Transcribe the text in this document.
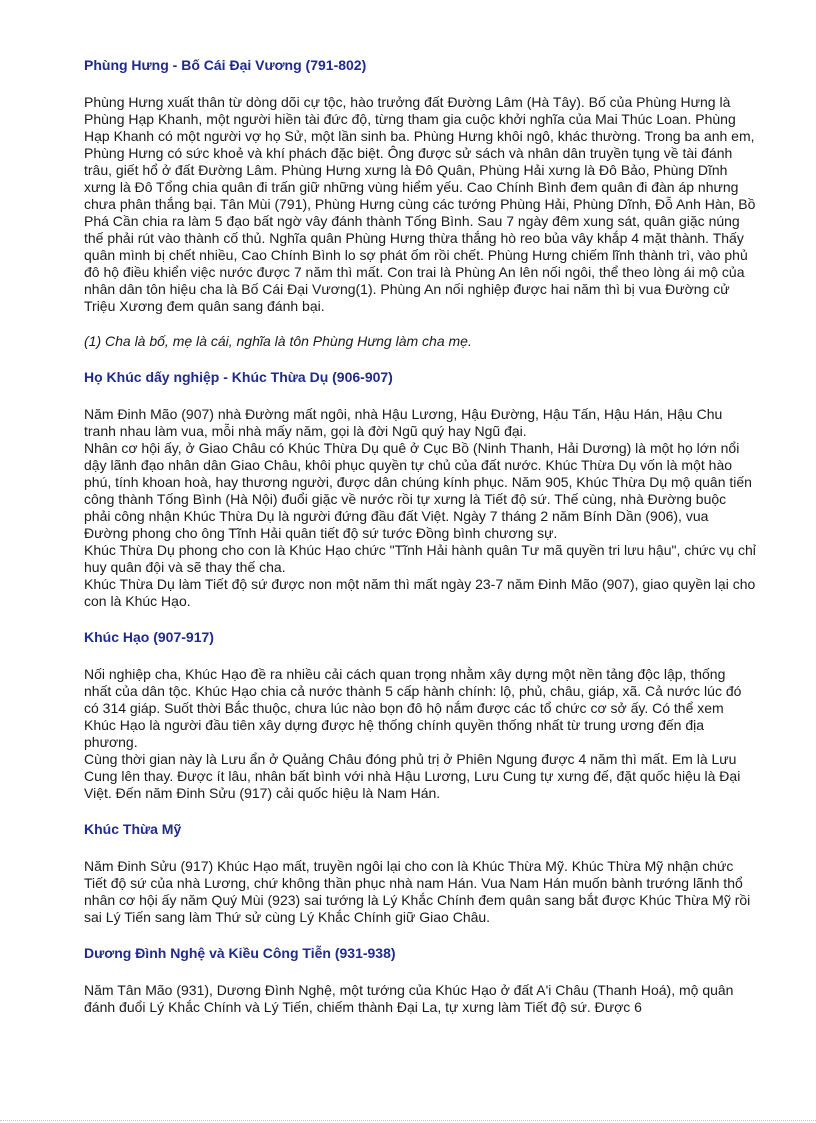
Phùng Hưng - Bố Cái Đại Vương (791-802)

Phùng Hưng xuất thân từ dòng dõi cự tộc, hào trưởng đất Đường Lâm (Hà Tây). Bố của Phùng Hưng là Phùng Hạp Khanh, một người hiền tài đức độ, từng tham gia cuộc khởi nghĩa của Mai Thúc Loan. Phùng Hạp Khanh có một người vợ họ Sử, một lần sinh ba. Phùng Hưng khôi ngô, khác thường. Trong ba anh em, Phùng Hưng có sức khoẻ và khí phách đặc biệt. Ông được sử sách và nhân dân truyền tụng về tài đánh trâu, giết hổ ở đất Đường Lâm. Phùng Hưng xưng là Đô Quân, Phùng Hải xưng là Đô Bảo, Phùng Dĩnh xưng là Đô Tổng chia quân đi trấn giữ những vùng hiểm yếu. Cao Chính Bình đem quân đi đàn áp nhưng chưa phân thắng bại. Tân Mùi (791), Phùng Hưng cùng các tướng Phùng Hải, Phùng Dĩnh, Đỗ Anh Hàn, Bồ Phá Cần chia ra làm 5 đạo bất ngờ vây đánh thành Tống Bình. Sau 7 ngày đêm xung sát, quân giặc núng thế phải rút vào thành cố thủ. Nghĩa quân Phùng Hưng thừa thắng hò reo bủa vây khắp 4 mặt thành. Thấy quân mình bị chết nhiều, Cao Chính Bình lo sợ phát ốm rồi chết. Phùng Hưng chiếm lĩnh thành trì, vào phủ đô hộ điều khiển việc nước được 7 năm thì mất. Con trai là Phùng An lên nối ngôi, thể theo lòng ái mộ của nhân dân tôn hiệu cha là Bố Cái Đại Vương(1). Phùng An nối nghiệp được hai năm thì bị vua Đường cử Triệu Xương đem quân sang đánh bại.

(1) Cha là bố, mẹ là cái, nghĩa là tôn Phùng Hưng làm cha mẹ.

Họ Khúc dấy nghiệp - Khúc Thừa Dụ (906-907)

Năm Đinh Mão (907) nhà Đường mất ngôi, nhà Hậu Lương, Hậu Đường, Hậu Tấn, Hậu Hán, Hậu Chu tranh nhau làm vua, mỗi nhà mấy năm, gọi là đời Ngũ quý hay Ngũ đại.

Nhân cơ hội ấy, ở Giao Châu có Khúc Thừa Dụ quê ở Cục Bồ (Ninh Thanh, Hải Dương) là một họ lớn nổi dậy lãnh đạo nhân dân Giao Châu, khôi phục quyền tự chủ của đất nước. Khúc Thừa Dụ vốn là một hào phú, tính khoan hoà, hay thương người, được dân chúng kính phục. Năm 905, Khúc Thừa Dụ mộ quân tiến công thành Tống Bình (Hà Nội) đuổi giặc về nước rồi tự xưng là Tiết độ sứ. Thế cùng, nhà Đường buộc phải công nhận Khúc Thừa Dụ là người đứng đầu đất Việt. Ngày 7 tháng 2 năm Bính Dần (906), vua Đường phong cho ông Tĩnh Hải quân tiết độ sứ tước Đồng bình chương sự.

Khúc Thừa Dụ phong cho con là Khúc Hạo chức "Tĩnh Hải hành quân Tư mã quyền tri lưu hậu", chức vụ chỉ huy quân đội và sẽ thay thế cha.

Khúc Thừa Dụ làm Tiết độ sứ được non một năm thì mất ngày 23-7 năm Đinh Mão (907), giao quyền lại cho con là Khúc Hạo.

Khúc Hạo (907-917)

Nối nghiệp cha, Khúc Hạo đề ra nhiều cải cách quan trọng nhằm xây dựng một nền tảng độc lập, thống nhất của dân tộc. Khúc Hạo chia cả nước thành 5 cấp hành chính: lộ, phủ, châu, giáp, xã. Cả nước lúc đó có 314 giáp. Suốt thời Bắc thuộc, chưa lúc nào bọn đô hộ nắm được các tổ chức cơ sở ấy. Có thể xem Khúc Hạo là người đầu tiên xây dựng được hệ thống chính quyền thống nhất từ trung ương đến địa phương.

Cùng thời gian này là Lưu ẩn ở Quảng Châu đóng phủ trị ở Phiên Ngung được 4 năm thì mất. Em là Lưu Cung lên thay. Được ít lâu, nhân bất bình với nhà Hậu Lương, Lưu Cung tự xưng đế, đặt quốc hiệu là Đại Việt. Đến năm Đinh Sửu (917) cải quốc hiệu là Nam Hán.

Khúc Thừa Mỹ

Năm Đinh Sửu (917) Khúc Hạo mất, truyền ngôi lại cho con là Khúc Thừa Mỹ. Khúc Thừa Mỹ nhận chức Tiết độ sứ của nhà Lương, chứ không thần phục nhà nam Hán. Vua Nam Hán muốn bành trướng lãnh thổ nhân cơ hội ấy năm Quý Mùi (923) sai tướng là Lý Khắc Chính đem quân sang bắt được Khúc Thừa Mỹ rồi sai Lý Tiến sang làm Thứ sử cùng Lý Khắc Chính giữ Giao Châu.

Dương Đình Nghệ và Kiều Công Tiễn (931-938)

Năm Tân Mão (931), Dương Đình Nghệ, một tướng của Khúc Hạo ở đất A'i Châu (Thanh Hoá), mộ quân đánh đuổi Lý Khắc Chính và Lý Tiến, chiếm thành Đại La, tự xưng làm Tiết độ sứ. Được 6
